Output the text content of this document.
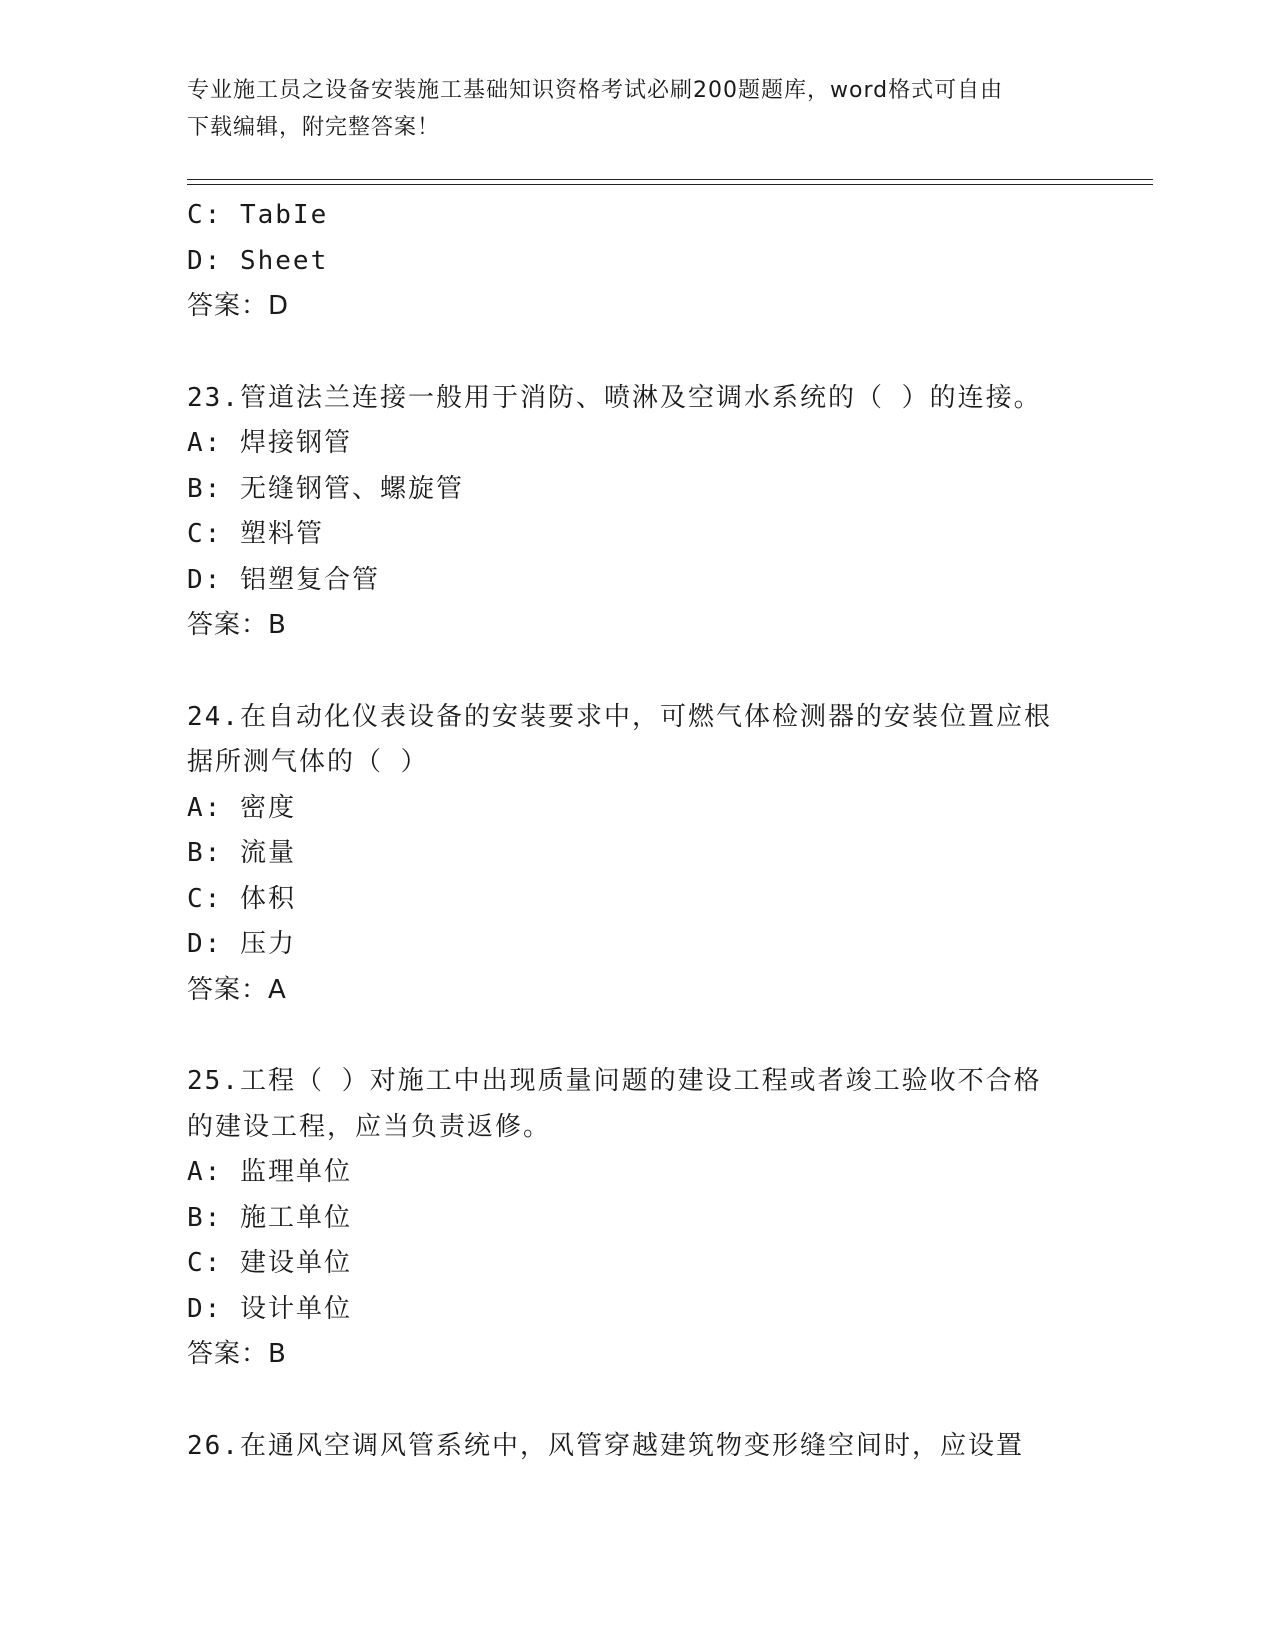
专业施工员之设备安装施工基础知识资格考试必刷200题题库，word格式可自由
下载编辑，附完整答案！
C: TabIe
D: Sheet
答案：D
23.管道法兰连接一般用于消防、喷淋及空调水系统的（ ）的连接。
A: 焊接钢管
B: 无缝钢管、螺旋管
C: 塑料管
D: 铝塑复合管
答案：B
24.在自动化仪表设备的安装要求中，可燃气体检测器的安装位置应根
据所测气体的（ ）
A: 密度
B: 流量
C: 体积
D: 压力
答案：A
25.工程（ ）对施工中出现质量问题的建设工程或者竣工验收不合格
的建设工程，应当负责返修。
A: 监理单位
B: 施工单位
C: 建设单位
D: 设计单位
答案：B
26.在通风空调风管系统中，风管穿越建筑物变形缝空间时，应设置
